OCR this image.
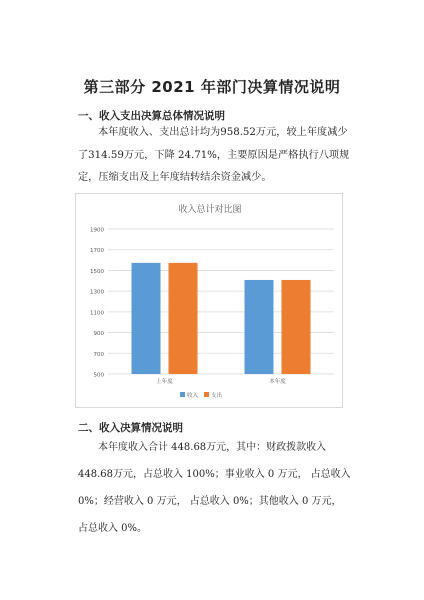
第三部分 2021 年部门决算情况说明
一、收入支出决算总体情况说明
本年度收入、支出总计均为958.52万元，较上年度减少了314.59万元，下降 24.71%，主要原因是严格执行八项规定，压缩支出及上年度结转结余资金减少。
收入总计对比图
500
700
900
1100
1300
1500
1700
1900
上年度	本年度
收入 支出
二、收入决算情况说明
本年度收入合计 448.68万元，其中：财政拨款收入 448.68万元，占总收入 100%；事业收入 0 万元， 占总收入 0%；经营收入 0 万元， 占总收入 0%；其他收入 0 万元， 占总收入 0%。
